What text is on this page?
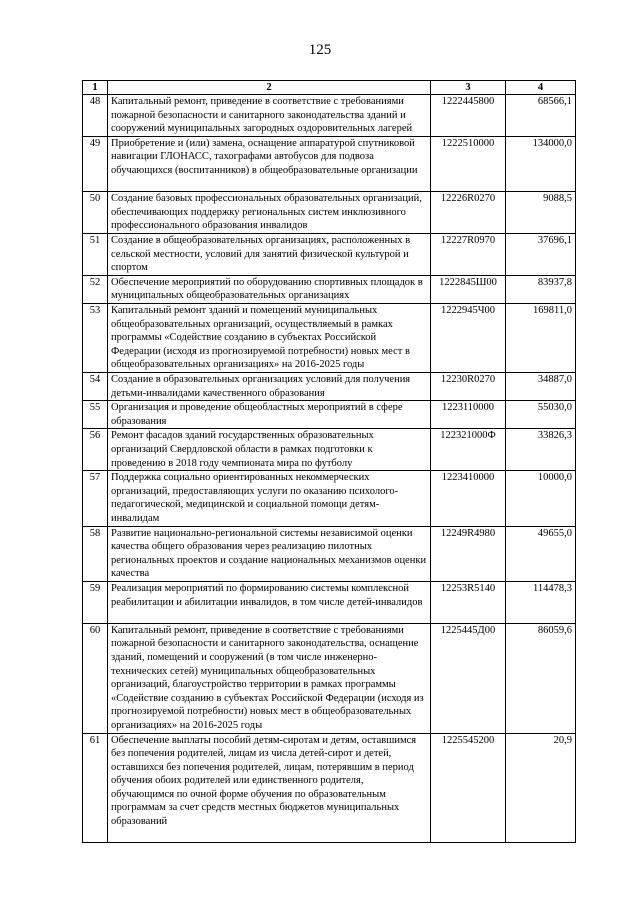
125
1	2	3	4
48	Капитальный ремонт, приведение в соответствие с требованиями пожарной безопасности и санитарного законодательства зданий и сооружений муниципальных загородных оздоровительных лагерей	1222445800	68566,1
49	Приобретение и (или) замена, оснащение аппаратурой спутниковой навигации ГЛОНАСС, тахографами автобусов для подвоза обучающихся (воспитанников) в общеобразовательные организации	1222510000	134000,0
50	Создание базовых профессиональных образовательных организаций, обеспечивающих поддержку региональных систем инклюзивного профессионального образования инвалидов	12226R0270	9088,5
51	Создание в общеобразовательных организациях, расположенных в сельской местности, условий для занятий физической культурой и спортом	12227R0970	37696,1
52	Обеспечение мероприятий по оборудованию спортивных площадок в муниципальных общеобразовательных организациях	1222845Ш00	83937,8
53	Капитальный ремонт зданий и помещений муниципальных общеобразовательных организаций, осуществляемый в рамках программы «Содействие созданию в субъектах Российской Федерации (исходя из прогнозируемой потребности) новых мест в общеобразовательных организациях» на 2016-2025 годы	1222945Ч00	169811,0
54	Создание в образовательных организациях условий для получения детьми-инвалидами качественного образования	12230R0270	34887,0
55	Организация и проведение общеобластных мероприятий в сфере образования	1223110000	55030,0
56	Ремонт фасадов зданий государственных образовательных организаций Свердловской области в рамках подготовки к проведению в 2018 году чемпионата мира по футболу	122321000Ф	33826,3
57	Поддержка социально ориентированных некоммерческих организаций, предоставляющих услуги по оказанию психолого-педагогической, медицинской и социальной помощи детям-инвалидам	1223410000	10000,0
58	Развитие национально-региональной системы независимой оценки качества общего образования через реализацию пилотных региональных проектов и создание национальных механизмов оценки качества	12249R4980	49655,0
59	Реализация мероприятий по формированию системы комплексной реабилитации и абилитации инвалидов, в том числе детей-инвалидов	12253R5140	114478,3
60	Капитальный ремонт, приведение в соответствие с требованиями пожарной безопасности и санитарного законодательства, оснащение зданий, помещений и сооружений (в том числе инженерно-технических сетей) муниципальных общеобразовательных организаций, благоустройство территории в рамках программы «Содействие созданию в субъектах Российской Федерации (исходя из прогнозируемой потребности) новых мест в общеобразовательных организациях» на 2016-2025 годы	1225445Д00	86059,6
61	Обеспечение выплаты пособий детям-сиротам и детям, оставшимся без попечения родителей, лицам из числа детей-сирот и детей, оставшихся без попечения родителей, лицам, потерявшим в период обучения обоих родителей или единственного родителя, обучающимся по очной форме обучения по образовательным программам за счет средств местных бюджетов муниципальных образований	1225545200	20,9
